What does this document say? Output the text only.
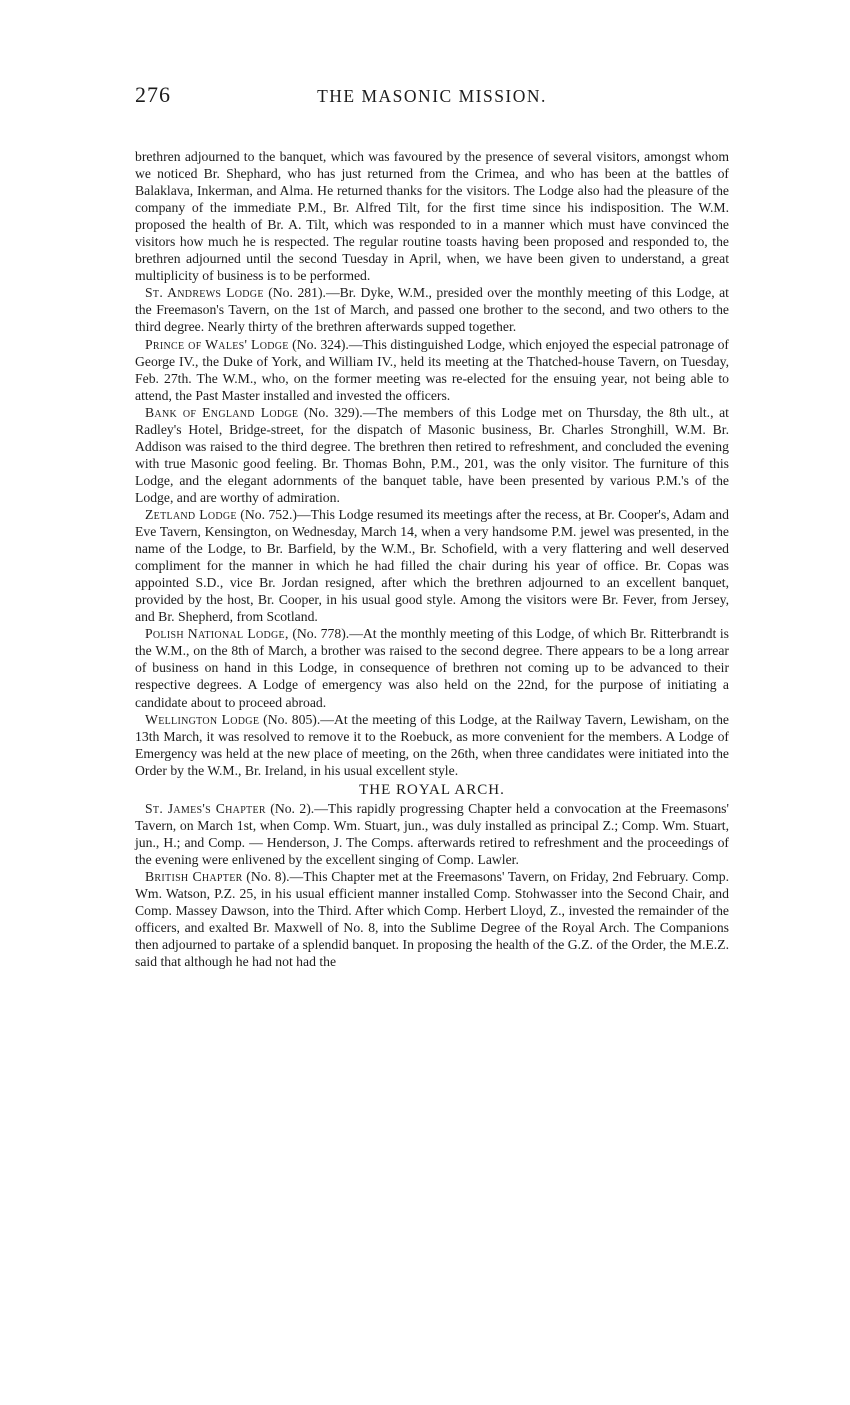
276	THE MASONIC MISSION.

brethren adjourned to the banquet, which was favoured by the presence of several visitors, amongst whom we noticed Br. Shephard, who has just returned from the Crimea, and who has been at the battles of Balaklava, Inkerman, and Alma. He returned thanks for the visitors. The Lodge also had the pleasure of the company of the immediate P.M., Br. Alfred Tilt, for the first time since his indisposition. The W.M. proposed the health of Br. A. Tilt, which was responded to in a manner which must have convinced the visitors how much he is respected. The regular routine toasts having been proposed and responded to, the brethren adjourned until the second Tuesday in April, when, we have been given to understand, a great multiplicity of business is to be performed.

St. Andrews Lodge (No. 281).—Br. Dyke, W.M., presided over the monthly meeting of this Lodge, at the Freemason's Tavern, on the 1st of March, and passed one brother to the second, and two others to the third degree. Nearly thirty of the brethren afterwards supped together.

Prince of Wales' Lodge (No. 324).—This distinguished Lodge, which enjoyed the especial patronage of George IV., the Duke of York, and William IV., held its meeting at the Thatched-house Tavern, on Tuesday, Feb. 27th. The W.M., who, on the former meeting was re-elected for the ensuing year, not being able to attend, the Past Master installed and invested the officers.

Bank of England Lodge (No. 329).—The members of this Lodge met on Thursday, the 8th ult., at Radley's Hotel, Bridge-street, for the dispatch of Masonic business, Br. Charles Stronghill, W.M. Br. Addison was raised to the third degree. The brethren then retired to refreshment, and concluded the evening with true Masonic good feeling. Br. Thomas Bohn, P.M., 201, was the only visitor. The furniture of this Lodge, and the elegant adornments of the banquet table, have been presented by various P.M.'s of the Lodge, and are worthy of admiration.

Zetland Lodge (No. 752.)—This Lodge resumed its meetings after the recess, at Br. Cooper's, Adam and Eve Tavern, Kensington, on Wednesday, March 14, when a very handsome P.M. jewel was presented, in the name of the Lodge, to Br. Barfield, by the W.M., Br. Schofield, with a very flattering and well deserved compliment for the manner in which he had filled the chair during his year of office. Br. Copas was appointed S.D., vice Br. Jordan resigned, after which the brethren adjourned to an excellent banquet, provided by the host, Br. Cooper, in his usual good style. Among the visitors were Br. Fever, from Jersey, and Br. Shepherd, from Scotland.

Polish National Lodge, (No. 778).—At the monthly meeting of this Lodge, of which Br. Ritterbrandt is the W.M., on the 8th of March, a brother was raised to the second degree. There appears to be a long arrear of business on hand in this Lodge, in consequence of brethren not coming up to be advanced to their respective degrees. A Lodge of emergency was also held on the 22nd, for the purpose of initiating a candidate about to proceed abroad.

Wellington Lodge (No. 805).—At the meeting of this Lodge, at the Railway Tavern, Lewisham, on the 13th March, it was resolved to remove it to the Roebuck, as more convenient for the members. A Lodge of Emergency was held at the new place of meeting, on the 26th, when three candidates were initiated into the Order by the W.M., Br. Ireland, in his usual excellent style.

THE ROYAL ARCH.

St. James's Chapter (No. 2).—This rapidly progressing Chapter held a convocation at the Freemasons' Tavern, on March 1st, when Comp. Wm. Stuart, jun., was duly installed as principal Z.; Comp. Wm. Stuart, jun., H.; and Comp. — Henderson, J. The Comps. afterwards retired to refreshment and the proceedings of the evening were enlivened by the excellent singing of Comp. Lawler.

British Chapter (No. 8).—This Chapter met at the Freemasons' Tavern, on Friday, 2nd February. Comp. Wm. Watson, P.Z. 25, in his usual efficient manner installed Comp. Stohwasser into the Second Chair, and Comp. Massey Dawson, into the Third. After which Comp. Herbert Lloyd, Z., invested the remainder of the officers, and exalted Br. Maxwell of No. 8, into the Sublime Degree of the Royal Arch. The Companions then adjourned to partake of a splendid banquet. In proposing the health of the G.Z. of the Order, the M.E.Z. said that although he had not had the
